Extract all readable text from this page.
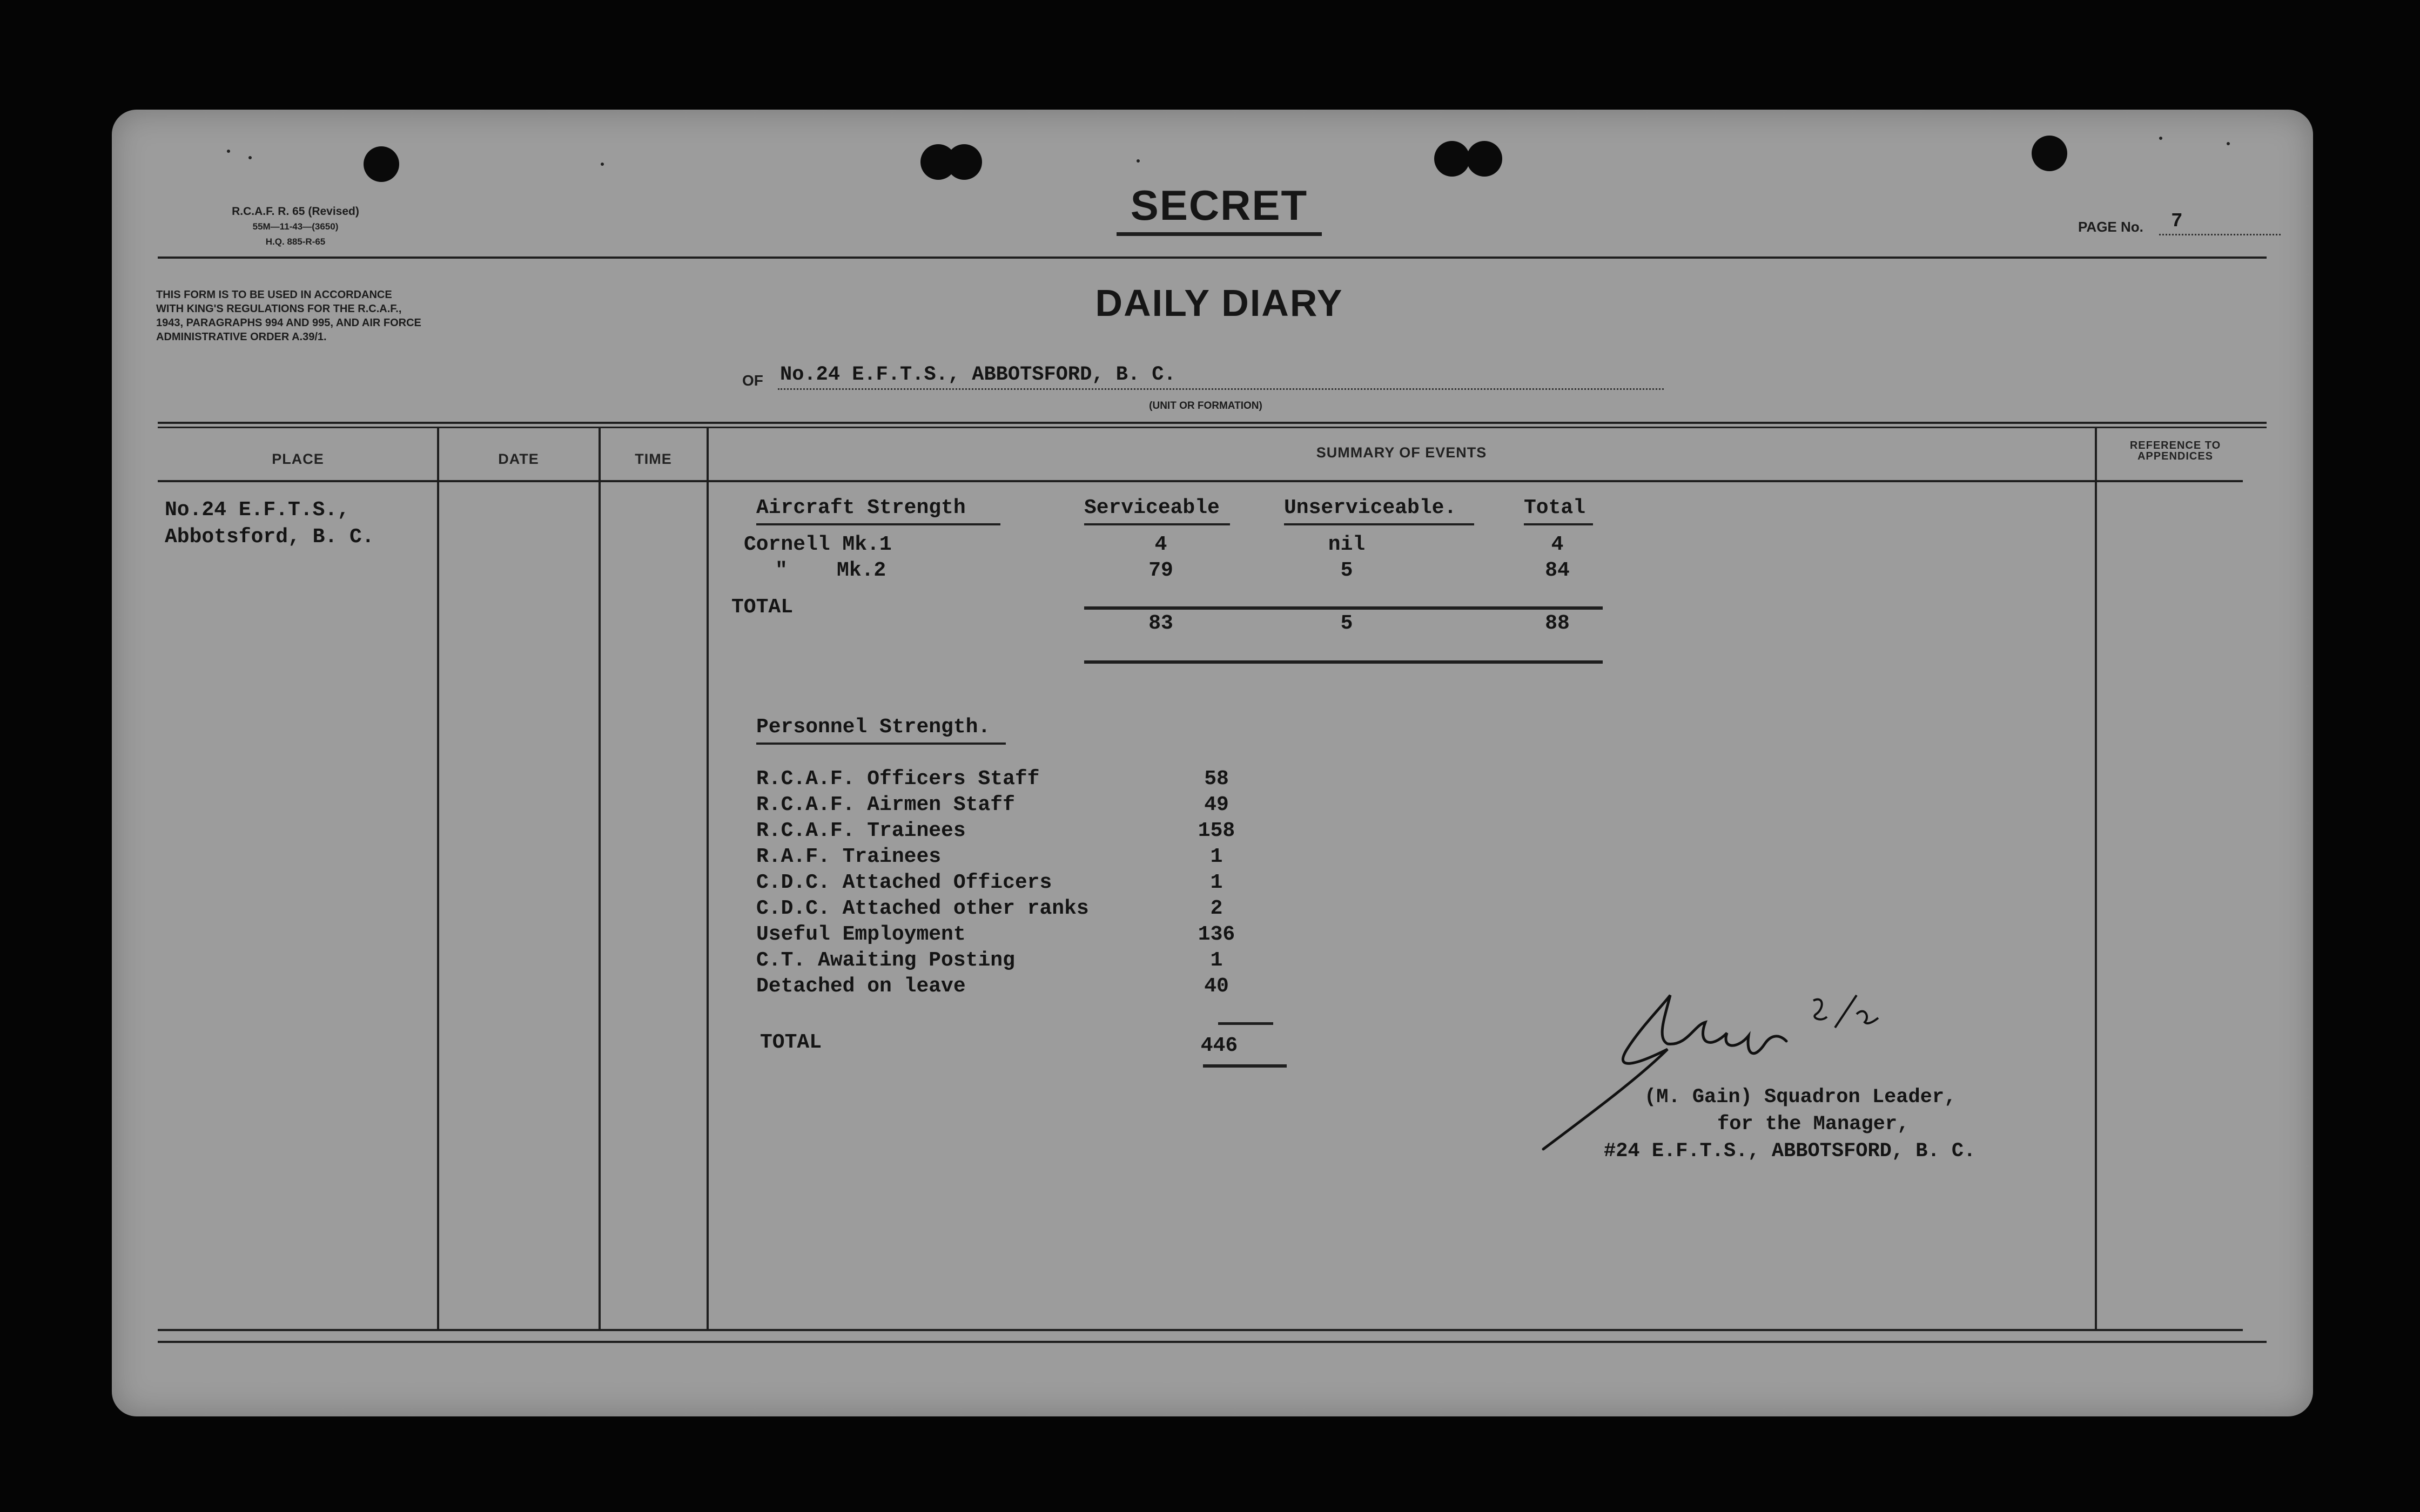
R.C.A.F. R. 65 (Revised)
55M—11-43—(3650)
H.Q. 885-R-65
SECRET	PAGE No. 7
THIS FORM IS TO BE USED IN ACCORDANCE
WITH KING'S REGULATIONS FOR THE R.C.A.F.,
1943, PARAGRAPHS 994 AND 995, AND AIR FORCE
ADMINISTRATIVE ORDER A.39/1.
DAILY DIARY
OF No.24 E.F.T.S., ABBOTSFORD, B. C.
(UNIT OR FORMATION)
PLACE	DATE	TIME	SUMMARY OF EVENTS	REFERENCE TO APPENDICES
No.24 E.F.T.S.,
Abbotsford, B. C.
Aircraft Strength	Serviceable	Unserviceable.	Total
Cornell Mk.1	4	nil	4
"    Mk.2	79	5	84
TOTAL
83	5	88
Personnel Strength.
R.C.A.F. Officers Staff	58
R.C.A.F. Airmen Staff	49
R.C.A.F. Trainees	158
R.A.F. Trainees	1
C.D.C. Attached Officers	1
C.D.C. Attached other ranks	2
Useful Employment	136
C.T. Awaiting Posting	1
Detached on leave	40
TOTAL	446
(M. Gain) Squadron Leader,
for the Manager,
#24 E.F.T.S., ABBOTSFORD, B. C.
